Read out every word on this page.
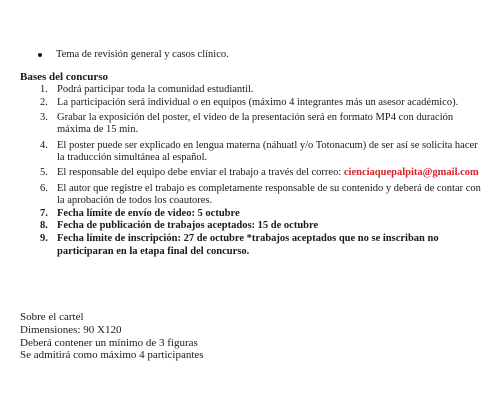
Tema de revisión general y casos clínico.
Bases del concurso
1. Podrá participar toda la comunidad estudiantil.
2. La participación será individual o en equipos (máximo 4 integrantes más un asesor académico).
3. Grabar la exposición del poster, el video de la presentación será en formato MP4 con duración máxima de 15 min.
4. El poster puede ser explicado en lengua materna (náhuatl y/o Totonacum) de ser así se solicita hacer la traducción simultánea al español.
5. El responsable del equipo debe enviar el trabajo a través del correo: cienciaquepalpita@gmail.com
6. El autor que registre el trabajo es completamente responsable de su contenido y deberá de contar con la aprobación de todos los coautores.
7. Fecha límite de envío de video: 5 octubre
8. Fecha de publicación de trabajos aceptados: 15 de octubre
9. Fecha límite de inscripción: 27 de octubre *trabajos aceptados que no se inscriban no participaran en la etapa final del concurso.
Sobre el cartel
Dimensiones: 90 X120
Deberá contener un mínimo de 3 figuras
Se admitirá como máximo 4 participantes
